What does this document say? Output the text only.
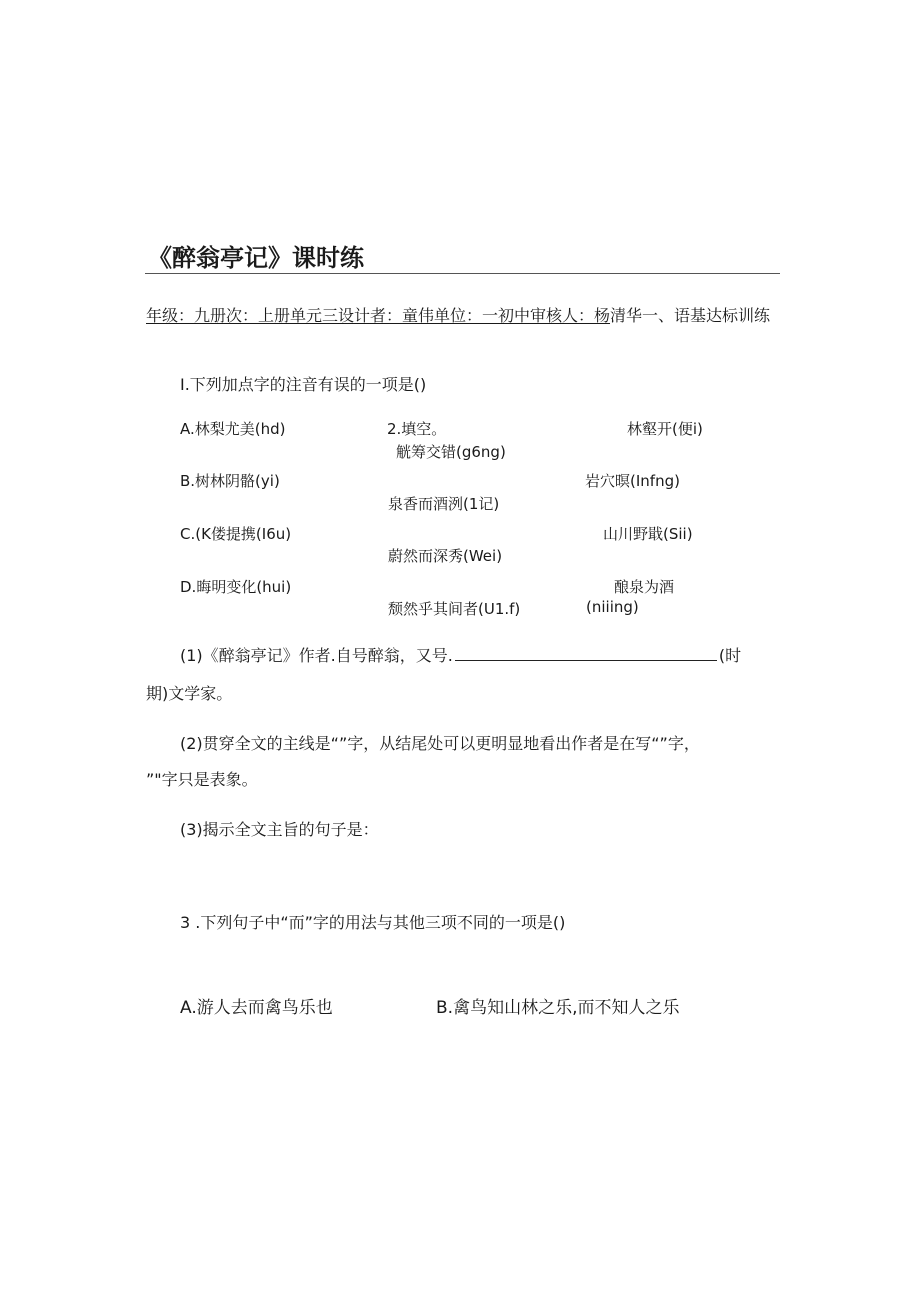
《醉翁亭记》课时练
年级：九册次：上册单元三设计者：童伟单位：一初中审核人：杨清华一、语基达标训练
I.下列加点字的注音有误的一项是()
A.林梨尤美(hd)	2.填空。	林壑开(便i)
觥筹交错(g6ng)
B.树林阴骼(yi)	岩穴暝(Infng)
泉香而酒洌(1记)
C.(K偻提携(I6u)	山川野戢(Sii)
蔚然而深秀(Wei)
D.晦明变化(hui)	酿泉为酒
颓然乎其间者(U1.f)	(niiing)
(1)《醉翁亭记》作者.自号醉翁，又号.	(时
期)文学家。
(2)贯穿全文的主线是“”字，从结尾处可以更明显地看出作者是在写“”字，
”"字只是表象。
(3)揭示全文主旨的句子是：
3 .下列句子中“而”字的用法与其他三项不同的一项是()
A.游人去而禽鸟乐也	B.禽鸟知山林之乐,而不知人之乐
